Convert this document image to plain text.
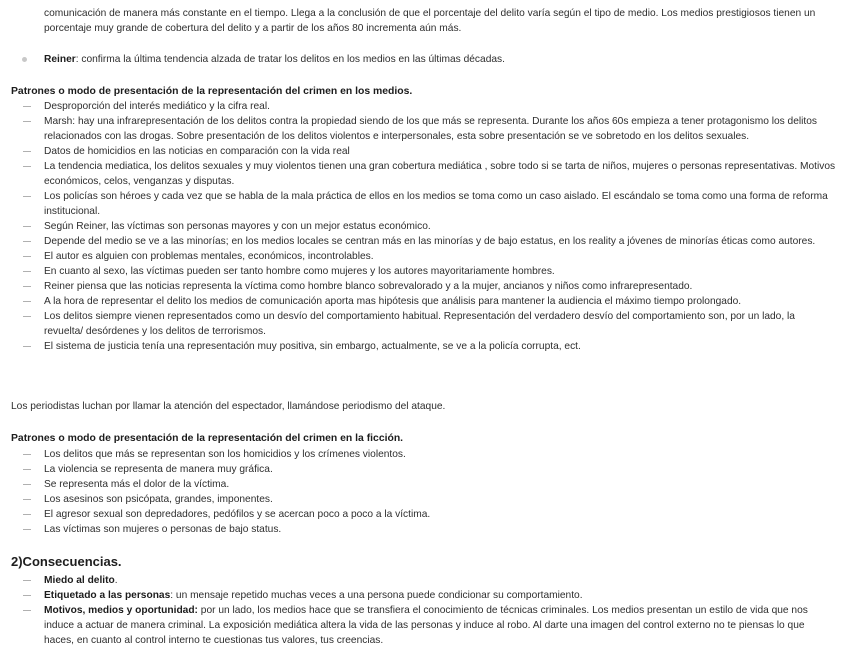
comunicación de manera más constante en el tiempo. Llega a la conclusión de que el porcentaje del delito varía según el tipo de medio. Los medios prestigiosos tienen un porcentaje muy grande de cobertura del delito y a partir de los años 80 incrementa aún más.

Reiner: confirma la última tendencia alzada de tratar los delitos en los medios en las últimas décadas.

Patrones o modo de presentación de la representación del crimen en los medios.

Desproporción del interés mediático y la cifra real.
Marsh: hay una infrarepresentación de los delitos contra la propiedad siendo de los que más se representa. Durante los años 60s empieza a tener protagonismo los delitos relacionados con las drogas. Sobre presentación de los delitos violentos e interpersonales, esta sobre presentación se ve sobretodo en los delitos sexuales.
Datos de homicidios en las noticias en comparación con la vida real
La tendencia mediatica, los delitos sexuales y muy violentos tienen una gran cobertura mediática , sobre todo si se tarta de niños, mujeres o personas representativas. Motivos económicos, celos, venganzas y disputas.
Los policías son héroes y cada vez que se habla de la mala práctica de ellos en los medios se toma como un caso aislado. El escándalo se toma como una forma de reforma institucional.
Según Reiner, las víctimas son personas mayores y con un mejor estatus económico.
Depende del medio se ve a las minorías; en los medios locales se centran más en las minorías y de bajo estatus, en los reality a jóvenes de minorías éticas como autores.
El autor es alguien con problemas mentales, económicos, incontrolables.
En cuanto al sexo, las víctimas pueden ser tanto hombre como mujeres y los autores mayoritariamente hombres.
Reiner piensa que las noticias representa la víctima como hombre blanco sobrevalorado y a la mujer, ancianos y niños como infrarepresentado.
A la hora de representar el delito los medios de comunicación aporta mas hipótesis que análisis para mantener la audiencia el máximo tiempo prolongado.
Los delitos siempre vienen representados como un desvío del comportamiento habitual. Representación del verdadero desvío del comportamiento son, por un lado, la revuelta/ desórdenes y los delitos de terrorismos.
El sistema de justicia tenía una representación muy positiva, sin embargo, actualmente, se ve a la policía corrupta, ect.

Los periodistas luchan por llamar la atención del espectador, llamándose periodismo del ataque.

Patrones o modo de presentación de la representación del crimen en la ficción.

Los delitos que más se representan son los homicidios y los crímenes violentos.
La violencia se representa de manera muy gráfica.
Se representa más el dolor de la víctima.
Los asesinos son psicópata, grandes, imponentes.
El agresor sexual son depredadores, pedófilos y se acercan poco a poco a la víctima.
Las víctimas son mujeres o personas de bajo status.

2)Consecuencias.

Miedo al delito.
Etiquetado a las personas: un mensaje repetido muchas veces a una persona puede condicionar su comportamiento.
Motivos, medios y oportunidad: por un lado, los medios hace que se transfiera el conocimiento de técnicas criminales. Los medios presentan un estilo de vida que nos induce a actuar de manera criminal. La exposición mediática altera la vida de las personas y induce al robo. Al darte una imagen del control externo no te piensas lo que haces, en cuanto al control interno te cuestionas tus valores, tus creencias.
